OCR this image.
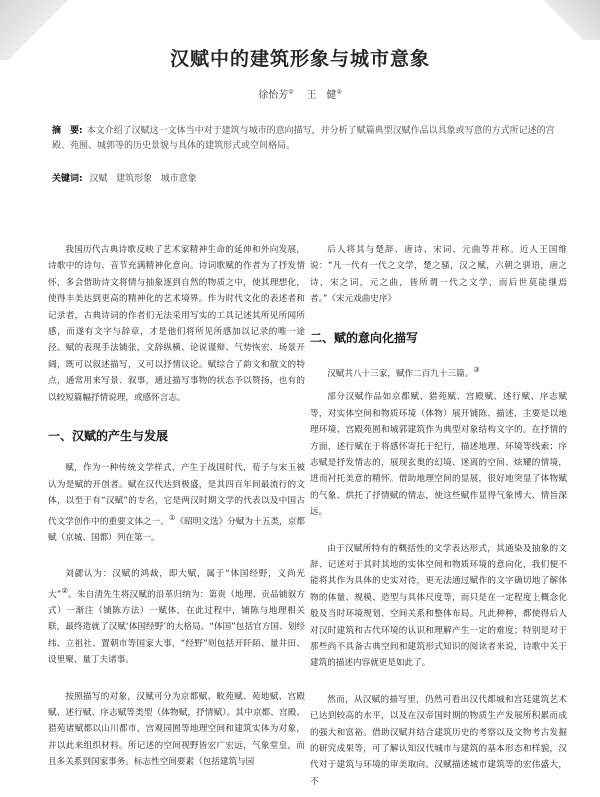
汉赋中的建筑形象与城市意象
徐怡芳① 王　健②
摘　要: 本文介绍了汉赋这一文体当中对于建筑与城市的意向描写，并分析了赋篇典型汉赋作品以具象或写意的方式所记述的宫殿、苑囿、城郭等的历史景貌与具体的建筑形式或空间格局。
关键词: 汉赋 建筑形象 城市意象

我国历代古典诗歌反映了艺术家精神生命的延伸和外向发展，诗歌中的诗句、音节充满精神化意向。诗词歌赋的作者为了抒发情怀，多会借助诗文将情与抽象逐到自然的物质之中，使其理想化，使得丰美达到更高的精神化的艺术境界。作为时代文化的表述者和记录者，古典诗词的作者们无法采用写实的工具记述其所见所闻所感，而遂有文字与辞章，才是他们将所见所感加以记录的唯一途径。赋的表现手法铺张，文辞纵横、论说谨辩、气势恢宏、场景开阔，既可以叙述描写，又可以抒情议论。赋综合了韵文和散文的特点，通常用来写景、叙事，通过描写事物的状态予以赞扬，也有的以较短篇幅抒情说理，或感怀言志。

一、汉赋的产生与发展

赋，作为一种传统文学样式，产生于战国时代，荀子与宋玉被认为是赋的开创者。赋在汉代达到极盛，是其四百年间最流行的文体，以至于有“汉赋”的专名，它是两汉时期文学的代表以及中国古代文学创作中的重要文体之一。①《昭明文选》分赋为十五类，京都赋（京城、国都）列在第一。

刘勰认为：汉赋的鸿裁，即大赋，属于“体国经野，义尚光大”②。朱自清先生将汉赋的沿革归纳为：第贵（地理、贡品铺叙方式）一渐注（铺陈方法）一赋体，在此过程中，铺陈与地理相关联，最终造就了汉赋‘体国经野’的大格局。“体国”包括官方国、划经纬、立祖社、置朝市等国家大事，“经野”则包括开阡陌、量井田、设里聚、量丁夫诸事。

按照描写的对象，汉赋可分为京都赋、畋苑赋、苑地赋、宫殿赋、述行赋、序志赋等类型（体物赋，抒情赋）。其中京都、宫殿、猎苑诸赋都以山川都市，宫观园囿等地理空间和建筑实体为对象，并以此来组织材料。所记述的空间视野皆宏广宏远，气象堂皇，而且多关系到国家事务。标志性空间要素（包括建筑与园

后人将其与楚辞、唐诗、宋词、元曲等并称。近人王国维说：“凡一代有一代之文学，楚之骚，汉之赋，六朝之骈语，唐之诗，宋之词，元之曲，皆所谓一代之文学，而后世莫能继焉者。”《宋元戏曲史序》

二、赋的意向化描写

汉赋共八十三家，赋作二百九十三篇。③

部分汉赋作品如京都赋、猎苑赋、宫殿赋、述行赋、序志赋等，对实体空间和物质环境（体物）展开铺陈、描述，主要是以地理环境、宫殿苑囿和城郭建筑作为典型对象结构文字的。在抒情的方面，述行赋在于将感怀寄托于纪行，描述地理、环境等线索；序志赋是抒发情志的，展现玄奥的幻境、迷离的空间、炫耀的情境，进而衬托美意的精怀。借助地理空间的显展，很好地突显了体物赋的气象、烘托了抒情赋的情志，使这些赋作显得气象博大、情旨深远。

由于汉赋所特有的概括性的文学表达形式，其通染及抽象的文辞、记述对于其时其地的实体空间和物质环境的意向化，我们便不能将其作为具体的史实对待，更无法通过赋作的文字确切地了解体物的体量、规模、造型与具体尺度等，而只是在一定程度上概念化般及当时环境规划、空间关系和整体布局。凡此种种，都使得后人对汉时建筑和古代环境的认识和理解产生一定的难度；特别是对于那些尚不具备古典空间和建筑形式知识的阅读者来说，诗歌中关于建筑的描述内容就更是如此了。

然而，从汉赋的描写里，仍然可看出汉代都城和宫廷建筑艺术已达到较高的水平，以及在汉帝国时期的物质生产发展所积累而成的强大和富裕。借助汉赋并结合建筑历史的考察以及文物考古发掘的研究成果等，可了解认知汉代城市与建筑的基本形态和样貌，汉代对于建筑与环境的审美取向。汉赋描述城市建筑等的宏伟盛大，不
